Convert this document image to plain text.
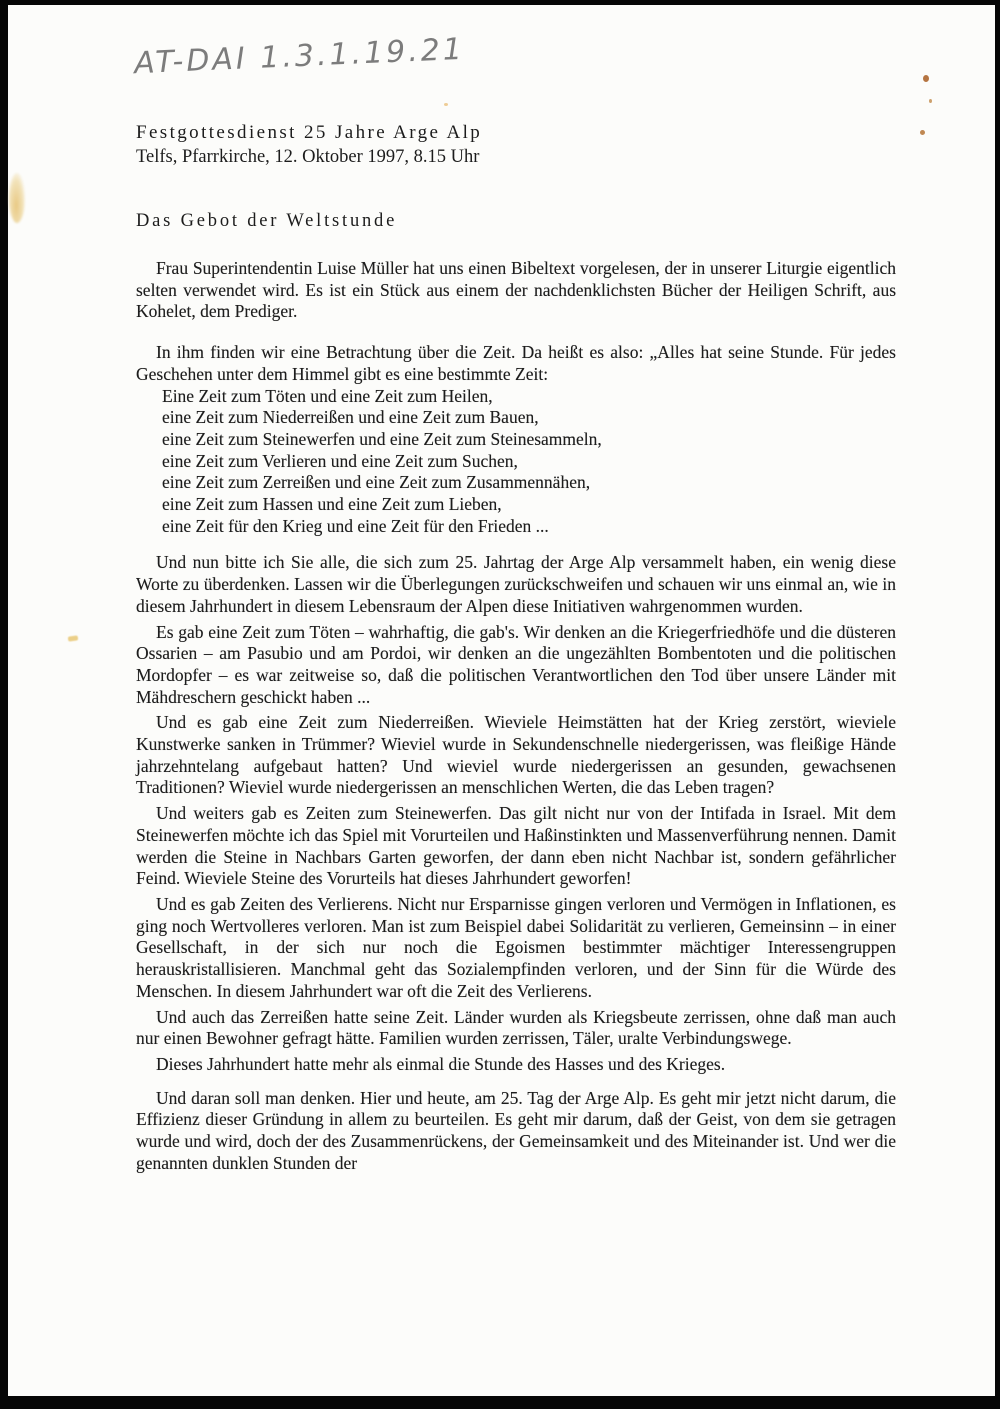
AT-DAI 1.3.1.19.21
Festgottesdienst 25 Jahre Arge Alp
Telfs, Pfarrkirche, 12. Oktober 1997, 8.15 Uhr
Das Gebot der Weltstunde

Frau Superintendentin Luise Müller hat uns einen Bibeltext vorgelesen, der in unserer Liturgie eigentlich selten verwendet wird. Es ist ein Stück aus einem der nachdenklichsten Bücher der Heiligen Schrift, aus Kohelet, dem Prediger.

In ihm finden wir eine Betrachtung über die Zeit. Da heißt es also: „Alles hat seine Stunde. Für jedes Geschehen unter dem Himmel gibt es eine bestimmte Zeit:

Eine Zeit zum Töten und eine Zeit zum Heilen,
eine Zeit zum Niederreißen und eine Zeit zum Bauen,
eine Zeit zum Steinewerfen und eine Zeit zum Steinesammeln,
eine Zeit zum Verlieren und eine Zeit zum Suchen,
eine Zeit zum Zerreißen und eine Zeit zum Zusammennähen,
eine Zeit zum Hassen und eine Zeit zum Lieben,
eine Zeit für den Krieg und eine Zeit für den Frieden ...

Und nun bitte ich Sie alle, die sich zum 25. Jahrtag der Arge Alp versammelt haben, ein wenig diese Worte zu überdenken. Lassen wir die Überlegungen zurückschweifen und schauen wir uns einmal an, wie in diesem Jahrhundert in diesem Lebensraum der Alpen diese Initiativen wahrgenommen wurden.

Es gab eine Zeit zum Töten – wahrhaftig, die gab's. Wir denken an die Kriegerfriedhöfe und die düsteren Ossarien – am Pasubio und am Pordoi, wir denken an die ungezählten Bombentoten und die politischen Mordopfer – es war zeitweise so, daß die politischen Verantwortlichen den Tod über unsere Länder mit Mähdreschern geschickt haben ...

Und es gab eine Zeit zum Niederreißen. Wieviele Heimstätten hat der Krieg zerstört, wieviele Kunstwerke sanken in Trümmer? Wieviel wurde in Sekundenschnelle niedergerissen, was fleißige Hände jahrzehntelang aufgebaut hatten? Und wieviel wurde niedergerissen an gesunden, gewachsenen Traditionen? Wieviel wurde niedergerissen an menschlichen Werten, die das Leben tragen?

Und weiters gab es Zeiten zum Steinewerfen. Das gilt nicht nur von der Intifada in Israel. Mit dem Steinewerfen möchte ich das Spiel mit Vorurteilen und Haßinstinkten und Massenverführung nennen. Damit werden die Steine in Nachbars Garten geworfen, der dann eben nicht Nachbar ist, sondern gefährlicher Feind. Wieviele Steine des Vorurteils hat dieses Jahrhundert geworfen!

Und es gab Zeiten des Verlierens. Nicht nur Ersparnisse gingen verloren und Vermögen in Inflationen, es ging noch Wertvolleres verloren. Man ist zum Beispiel dabei Solidarität zu verlieren, Gemeinsinn – in einer Gesellschaft, in der sich nur noch die Egoismen bestimmter mächtiger Interessengruppen herauskristallisieren. Manchmal geht das Sozialempfinden verloren, und der Sinn für die Würde des Menschen. In diesem Jahrhundert war oft die Zeit des Verlierens.

Und auch das Zerreißen hatte seine Zeit. Länder wurden als Kriegsbeute zerrissen, ohne daß man auch nur einen Bewohner gefragt hätte. Familien wurden zerrissen, Täler, uralte Verbindungswege.

Dieses Jahrhundert hatte mehr als einmal die Stunde des Hasses und des Krieges.

Und daran soll man denken. Hier und heute, am 25. Tag der Arge Alp. Es geht mir jetzt nicht darum, die Effizienz dieser Gründung in allem zu beurteilen. Es geht mir darum, daß der Geist, von dem sie getragen wurde und wird, doch der des Zusammenrückens, der Gemeinsamkeit und des Miteinander ist. Und wer die genannten dunklen Stunden der
